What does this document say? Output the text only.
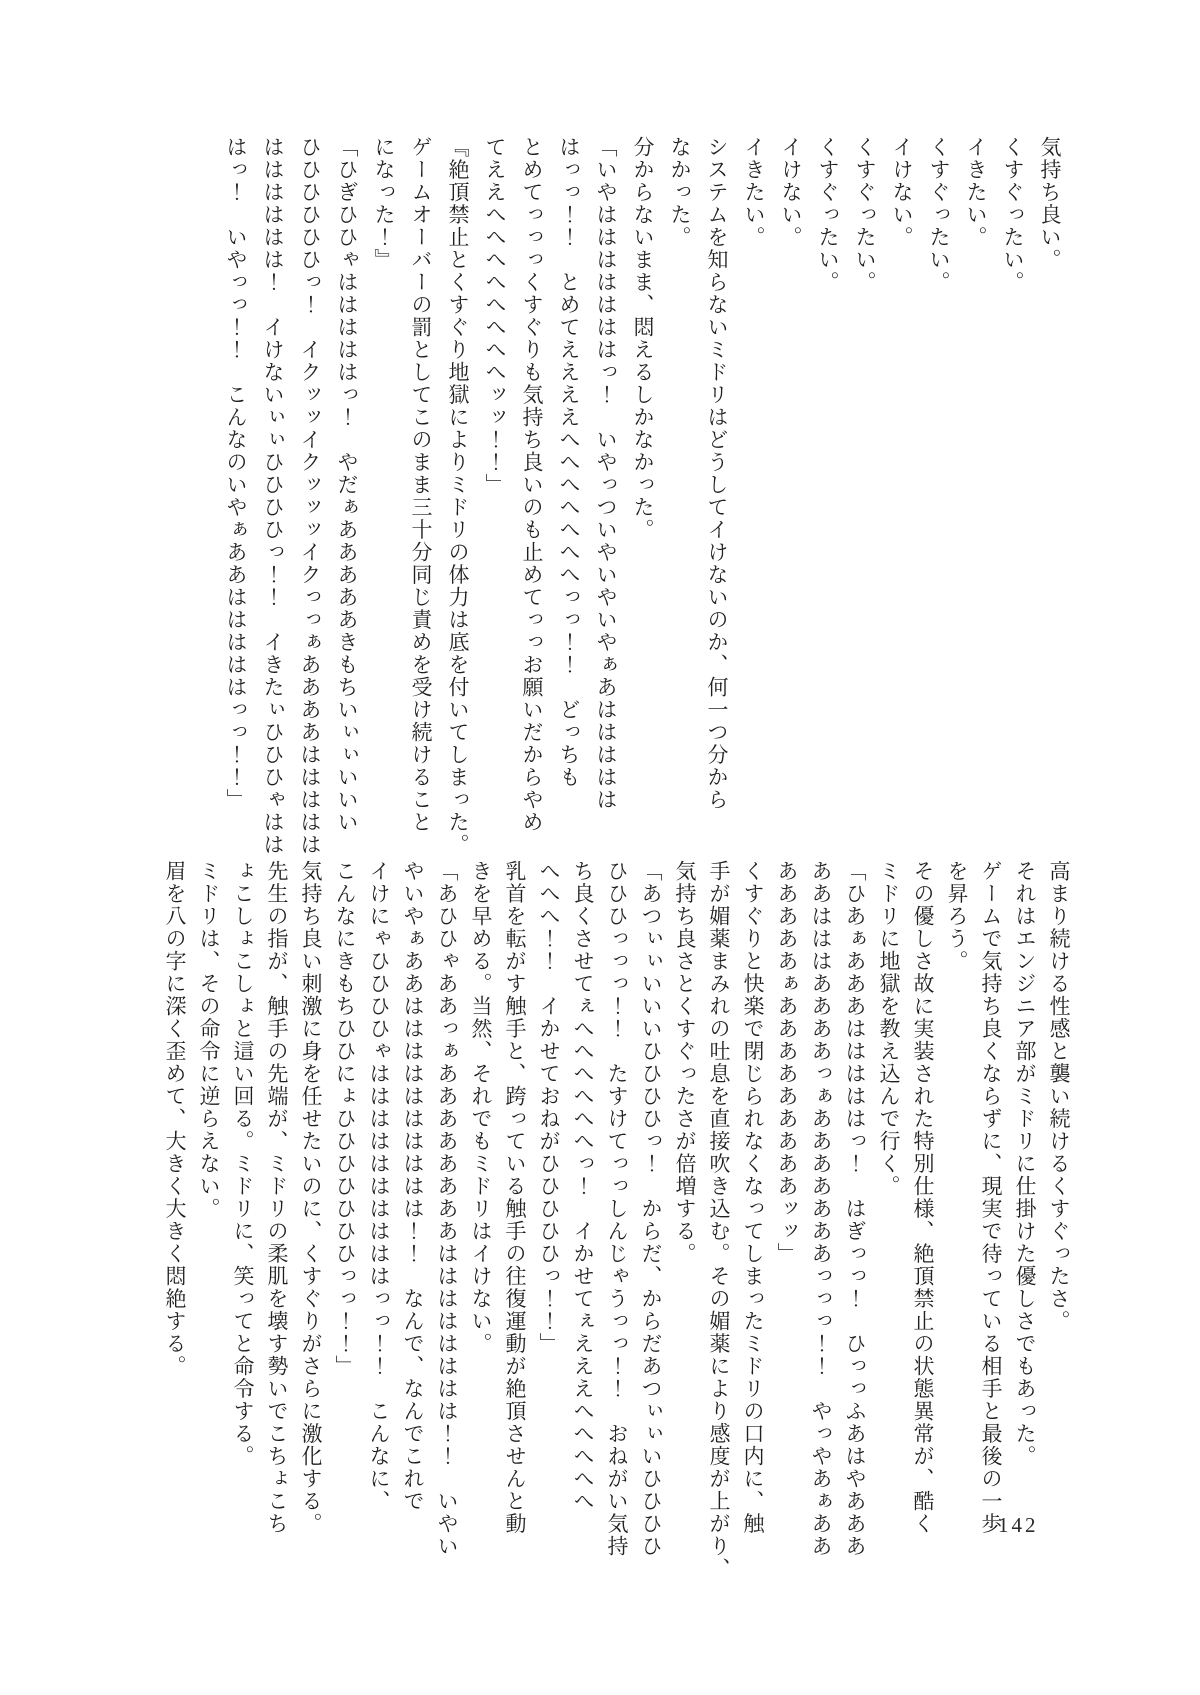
気持ち良い。
くすぐったい。
イきたい。
くすぐったい。
イけない。
くすぐったい。
くすぐったい。
イけない。
イきたい。
システムを知らないミドリはどうしてイけないのか、何一つ分から
なかった。
分からないまま、悶えるしかなかった。
「いやはははははははっ！　いやっついやいやいやぁあははははは
はっっ！！　とめてええええへへへへへへへっっ！！　どっちも
とめてっっっくすぐりも気持ち良いのも止めてっっお願いだからやめ
てええへへへへへへへへッッ！！」
『絶頂禁止とくすぐり地獄によりミドリの体力は底を付いてしまった。
ゲームオーバーの罰としてこのまま三十分同じ責めを受け続けること
になった！』
「ひぎひひゃはははははっ！　やだぁあああああきもちいぃぃいいい
ひひひひひひっ！　イクッッイクッッッイクっっぁああああははははは
はははははは！　イけないぃぃひひひひっ！！　イきたぃひひひゃはは
はっ！　いやっっ！！　こんなのいやぁああはははははっっ！！」
高まり続ける性感と襲い続けるくすぐったさ。
それはエンジニア部がミドリに仕掛けた優しさでもあった。
ゲームで気持ち良くならずに、現実で待っている相手と最後の一歩
を昇ろう。
その優しさ故に実装された特別仕様、絶頂禁止の状態異常が、酷く
ミドリに地獄を教え込んで行く。
「ひあぁあああはははははっ！　はぎっっ！　ひっっふあはやあああ
ああはははああああっぁあああああああっっっ！！　やっやあぁああ
あああああぁあああああああああッッ」
くすぐりと快楽で閉じられなくなってしまったミドリの口内に、触
手が媚薬まみれの吐息を直接吹き込む。その媚薬により感度が上がり、
気持ち良さとくすぐったさが倍増する。
「あつぃぃいいいひひひひっ！　からだ、からだあつぃぃいひひひひ
ひひひっっっ！！　たすけてっっしんじゃうっっ！！　おねがい気持
ち良くさせてぇへへへへへへっ！　イかせてぇえええへへへへへ
へへへ！！　イかせておねがひひひひひっ！！」
乳首を転がす触手と、跨っている触手の往復運動が絶頂させんと動
きを早める。当然、それでもミドリはイけない。
「あひひゃああっぁああああああああはははははははは！！　いやい
やいやぁああはははははははははは！！　なんで、なんでこれで
イけにゃひひひひゃははははははははははっっ！！　こんなに、
こんなにきもちひひにょひひひひひひひっっ！！」
気持ち良い刺激に身を任せたいのに、くすぐりがさらに激化する。
先生の指が、触手の先端が、ミドリの柔肌を壊す勢いでこちょこち
ょこしょこしょと這い回る。ミドリに、笑ってと命令する。
ミドリは、その命令に逆らえない。
眉を八の字に深く歪めて、大きく大きく悶絶する。
142
